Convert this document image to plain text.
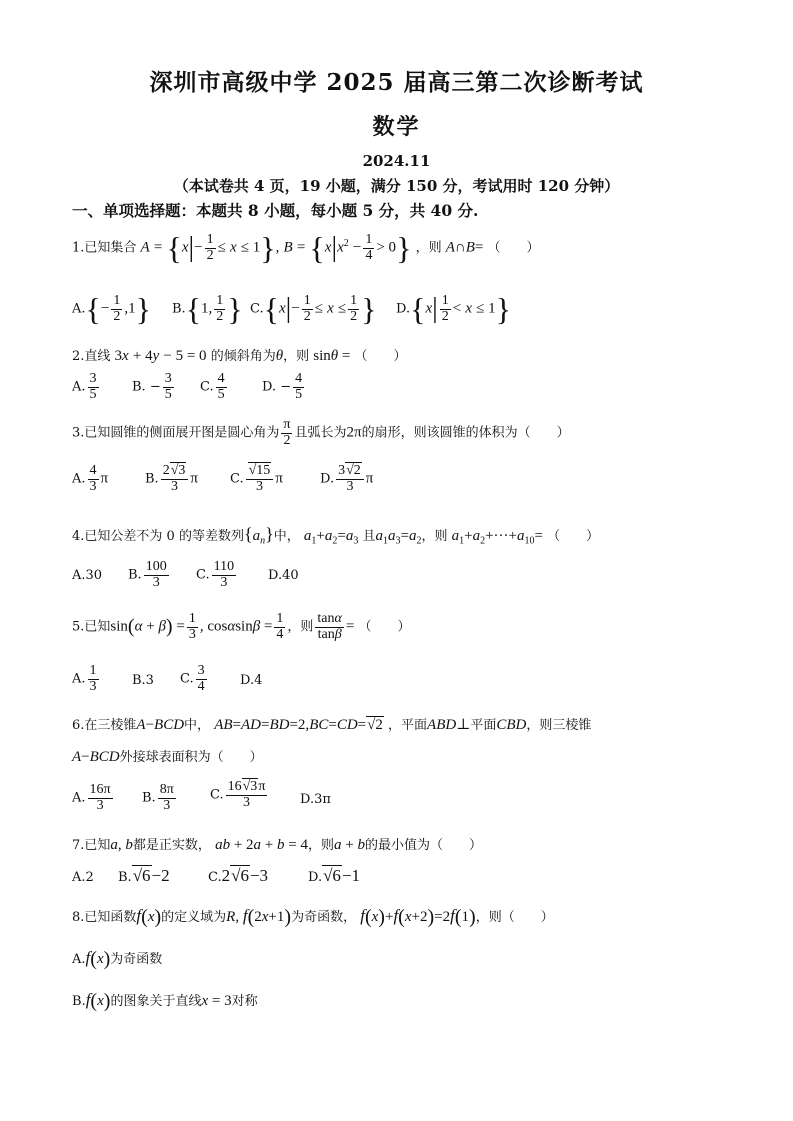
深圳市高级中学 2025 届高三第二次诊断考试
数学
2024.11
（本试卷共 4 页，19 小题，满分 150 分，考试用时 120 分钟）
一、单项选择题：本题共 8 小题，每小题 5 分，共 40 分.
1.已知集合 $A = \{x|- \frac{1}{2} \le x \le 1\}$, $B = \{x|x^2 - \frac{1}{4} > 0\}$ ，则 A∩B= （　　）
$A.\{- \frac{1}{2} ,1\}$ B.{1, $\frac{1}{2}$ } $C.\{x|- \frac{1}{2} \le x \le \frac{1}{2}$ } $D.\{x| \frac{1}{2} < x \le 1\}$
2.直线 3x + 4y − 5 = 0 的倾斜角为θ，则 sinθ = （　　）
A. $\frac{3}{5}$	B. − $\frac{3}{5} C$. $\frac{4}{5}$	D. − $\frac{4}{5}$
3.已知圆锥的侧面展开图是圆心角为 $\frac{\pi}{2}$ 且弧长为2π的扇形，则该圆锥的体积为（　　）
A. $\frac{4}{3}$ π	B. $\frac{2√3}{3}$ π C. $\frac{√15}{3}$ π	D. $\frac{3√2}{3}$ π
4.已知公差不为 0 的等差数列$\{a_n\}$中， $a_1+a_2=a_3$ 且$a_1a_3=a_2$，则 $a_1+a_2+\cdot\cdot\cdot+a_{10}=$ （　　）
A.30 B. $\frac{100}{3} C$. $\frac{110}{3} D.40$
5.已知$\sin(\alpha + \beta) = \frac{1}{3}$ , $\cos\alpha\sin\beta = \frac{1}{4}$ ，则 $\frac{\tan\alpha}{\tan\beta}$ = （　　）
A. $\frac{1}{3}$	B.3 C. $\frac{3}{4}$	D.4
6.在三棱锥A−BCD中， AB=AD=BD=2,BC=CD=√2 ，平面ABD⊥平面CBD，则三棱锥
A−BCD外接球表面积为（　　）
A. $\frac{16\pi}{3} B$. $\frac{8\pi}{3}$	C. $\frac{16√3\pi}{3}$	D.3π
7.已知a, b都是正实数， ab + 2a + b = 4，则a + b的最小值为（　　）
A.2 B.√6−2	C.2√6−3	D.√6−1
8.已知函数f(x)的定义域为R, f(2x+1)为奇函数， f(x)+f(x+2)=2f(1)，则（　　）
A.f(x)为奇函数
B.f(x)的图象关于直线x = 3对称
